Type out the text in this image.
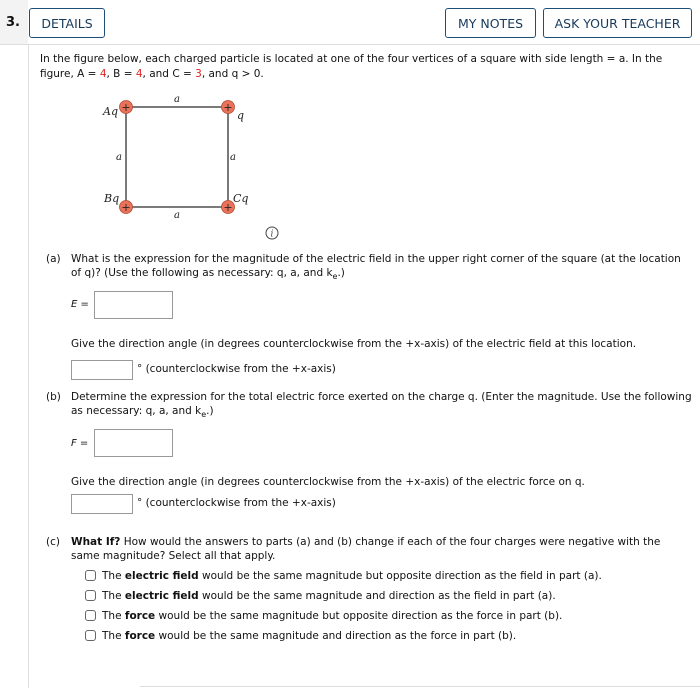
3.	DETAILS	MY NOTES	ASK YOUR TEACHER
In the figure below, each charged particle is located at one of the four vertices of a square with side length = a. In the
figure, A = 4, B = 4, and C = 3, and q > 0.
+	+
+	+
Aq	q
Bq	Cq
a
a	a
a
i
(a) What is the expression for the magnitude of the electric field in the upper right corner of the square (at the location
of q)? (Use the following as necessary: q, a, and $k_e$.)
E =
Give the direction angle (in degrees counterclockwise from the +x-axis) of the electric field at this location.
° (counterclockwise from the +x-axis)
(b) Determine the expression for the total electric force exerted on the charge q. (Enter the magnitude. Use the following
as necessary: q, a, and $k_e$.)
F =
Give the direction angle (in degrees counterclockwise from the +x-axis) of the electric force on q.
° (counterclockwise from the +x-axis)
(c) What If? How would the answers to parts (a) and (b) change if each of the four charges were negative with the
same magnitude? Select all that apply.
The electric field would be the same magnitude but opposite direction as the field in part (a).
The electric field would be the same magnitude and direction as the field in part (a).
The force would be the same magnitude but opposite direction as the force in part (b).
The force would be the same magnitude and direction as the force in part (b).
